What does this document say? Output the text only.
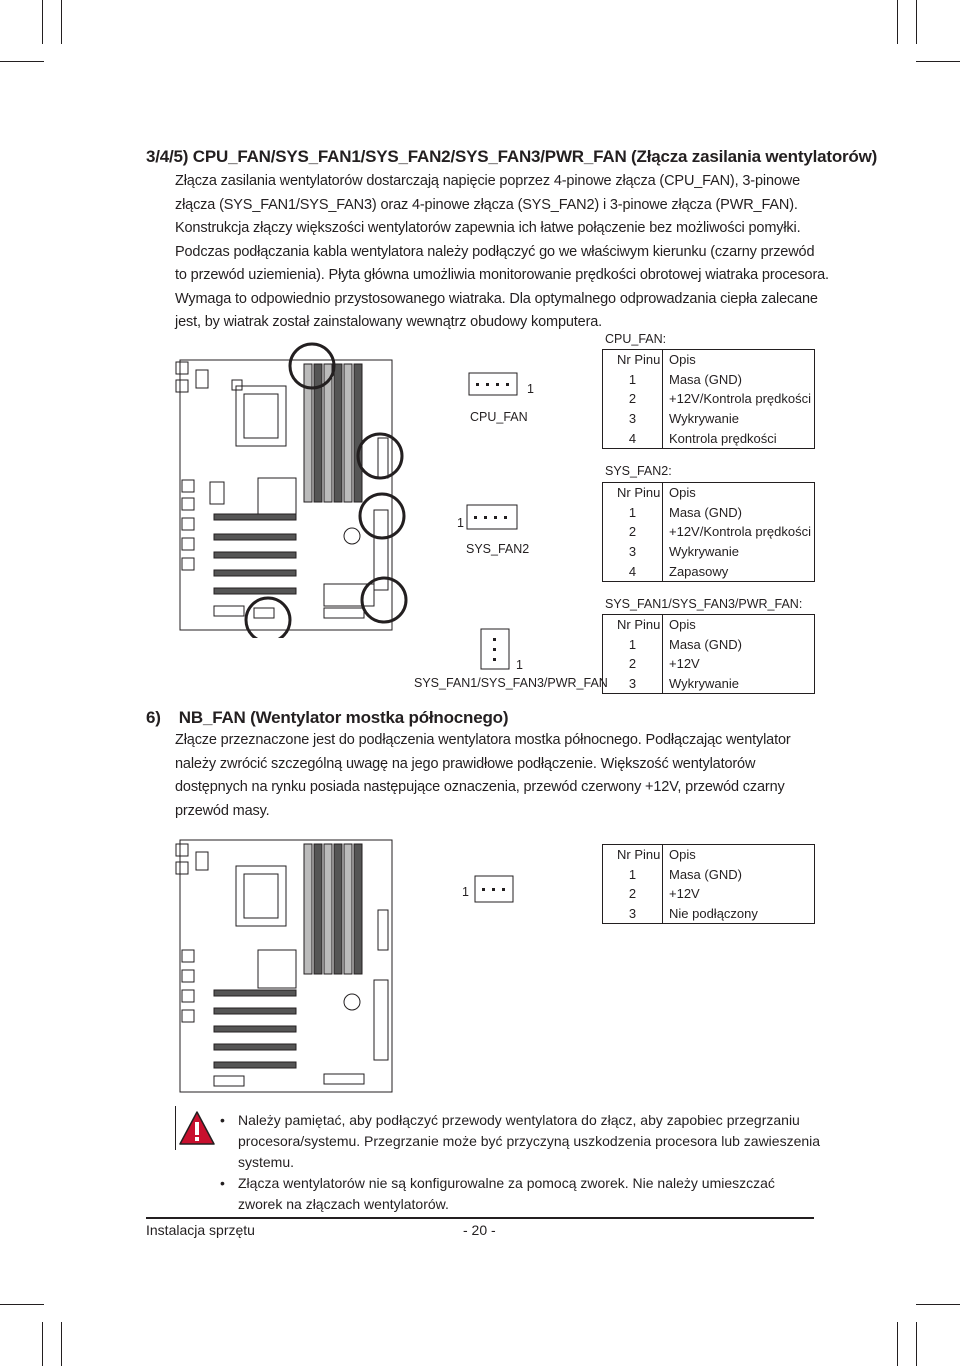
3/4/5) CPU_FAN/SYS_FAN1/SYS_FAN2/SYS_FAN3/PWR_FAN (Złącza zasilania wentylatorów)
Złącza zasilania wentylatorów dostarczają napięcie poprzez 4-pinowe złącza (CPU_FAN), 3-pinowe
złącza (SYS_FAN1/SYS_FAN3) oraz 4-pinowe złącza (SYS_FAN2) i 3-pinowe złącza (PWR_FAN).
Konstrukcja złączy większości wentylatorów zapewnia ich łatwe połączenie bez możliwości pomyłki.
Podczas podłączania kabla wentylatora należy podłączyć go we właściwym kierunku (czarny przewód
to przewód uziemienia). Płyta główna umożliwia monitorowanie prędkości obrotowej wiatraka procesora.
Wymaga to odpowiednio przystosowanego wiatraka. Dla optymalnego odprowadzania ciepła zalecane
jest, by wiatrak został zainstalowany wewnątrz obudowy komputera.
1
CPU_FAN
1
SYS_FAN2
1
SYS_FAN1/SYS_FAN3/PWR_FAN
CPU_FAN:
Nr Pinu	Opis
1	Masa (GND)
2	+12V/Kontrola prędkości
3	Wykrywanie
4	Kontrola prędkości
SYS_FAN2:
Nr Pinu	Opis
1	Masa (GND)
2	+12V/Kontrola prędkości
3	Wykrywanie
4	Zapasowy
SYS_FAN1/SYS_FAN3/PWR_FAN:
Nr Pinu	Opis
1	Masa (GND)
2	+12V
3	Wykrywanie
6)    NB_FAN (Wentylator mostka północnego)
Złącze przeznaczone jest do podłączenia wentylatora mostka północnego. Podłączając wentylator
należy zwrócić szczególną uwagę na jego prawidłowe podłączenie. Większość wentylatorów
dostępnych na rynku posiada następujące oznaczenia, przewód czerwony +12V, przewód czarny
przewód masy.
1
Nr Pinu	Opis
1	Masa (GND)
2	+12V
3	Nie podłączony
• Należy pamiętać, aby podłączyć przewody wentylatora do złącz, aby zapobiec przegrzaniu
procesora/systemu. Przegrzanie może być przyczyną uszkodzenia procesora lub zawieszenia
systemu.
• Złącza wentylatorów nie są konfigurowalne za pomocą zworek. Nie należy umieszczać
zworek na złączach wentylatorów.
Instalacja sprzętu	- 20 -
